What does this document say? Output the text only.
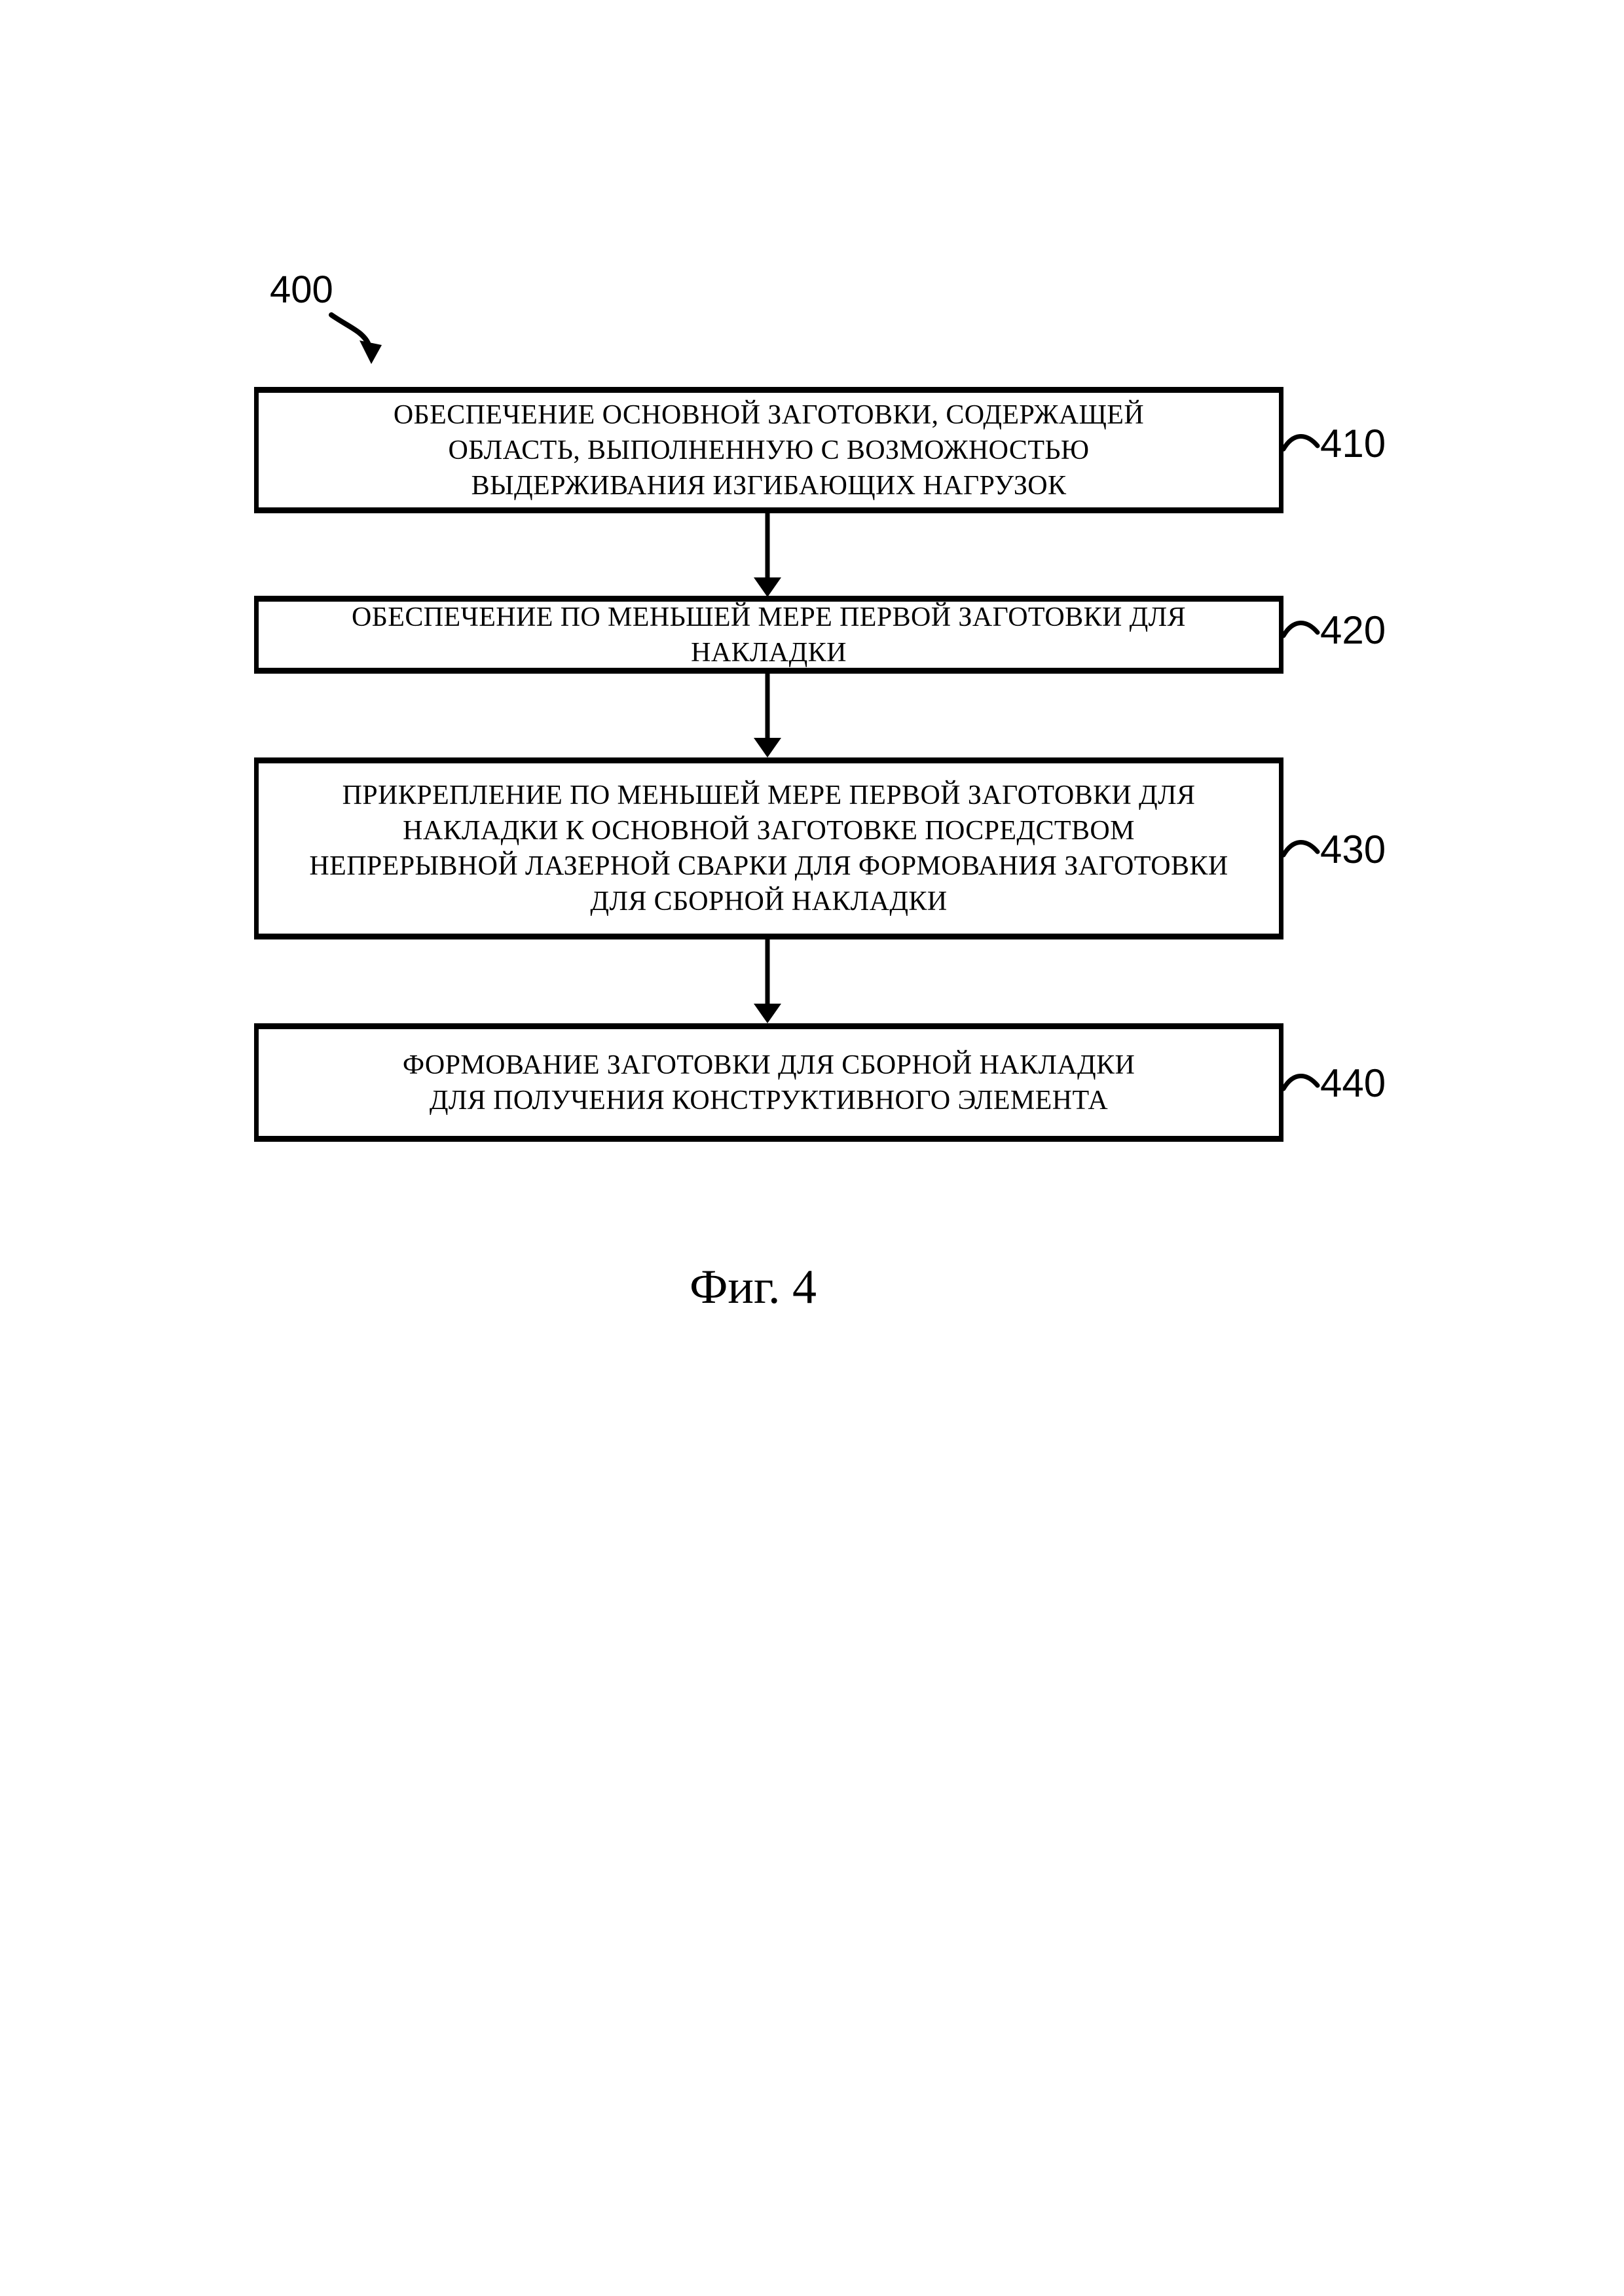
400
ОБЕСПЕЧЕНИЕ ОСНОВНОЙ ЗАГОТОВКИ, СОДЕРЖАЩЕЙ
ОБЛАСТЬ, ВЫПОЛНЕННУЮ С ВОЗМОЖНОСТЬЮ
ВЫДЕРЖИВАНИЯ ИЗГИБАЮЩИХ НАГРУЗОК
410
ОБЕСПЕЧЕНИЕ ПО МЕНЬШЕЙ МЕРЕ ПЕРВОЙ ЗАГОТОВКИ ДЛЯ
НАКЛАДКИ
420
ПРИКРЕПЛЕНИЕ ПО МЕНЬШЕЙ МЕРЕ ПЕРВОЙ ЗАГОТОВКИ ДЛЯ
НАКЛАДКИ К ОСНОВНОЙ ЗАГОТОВКЕ ПОСРЕДСТВОМ
НЕПРЕРЫВНОЙ ЛАЗЕРНОЙ СВАРКИ ДЛЯ ФОРМОВАНИЯ ЗАГОТОВКИ
ДЛЯ СБОРНОЙ НАКЛАДКИ
430
ФОРМОВАНИЕ ЗАГОТОВКИ ДЛЯ СБОРНОЙ НАКЛАДКИ
ДЛЯ ПОЛУЧЕНИЯ КОНСТРУКТИВНОГО ЭЛЕМЕНТА	440
Фиг. 4
